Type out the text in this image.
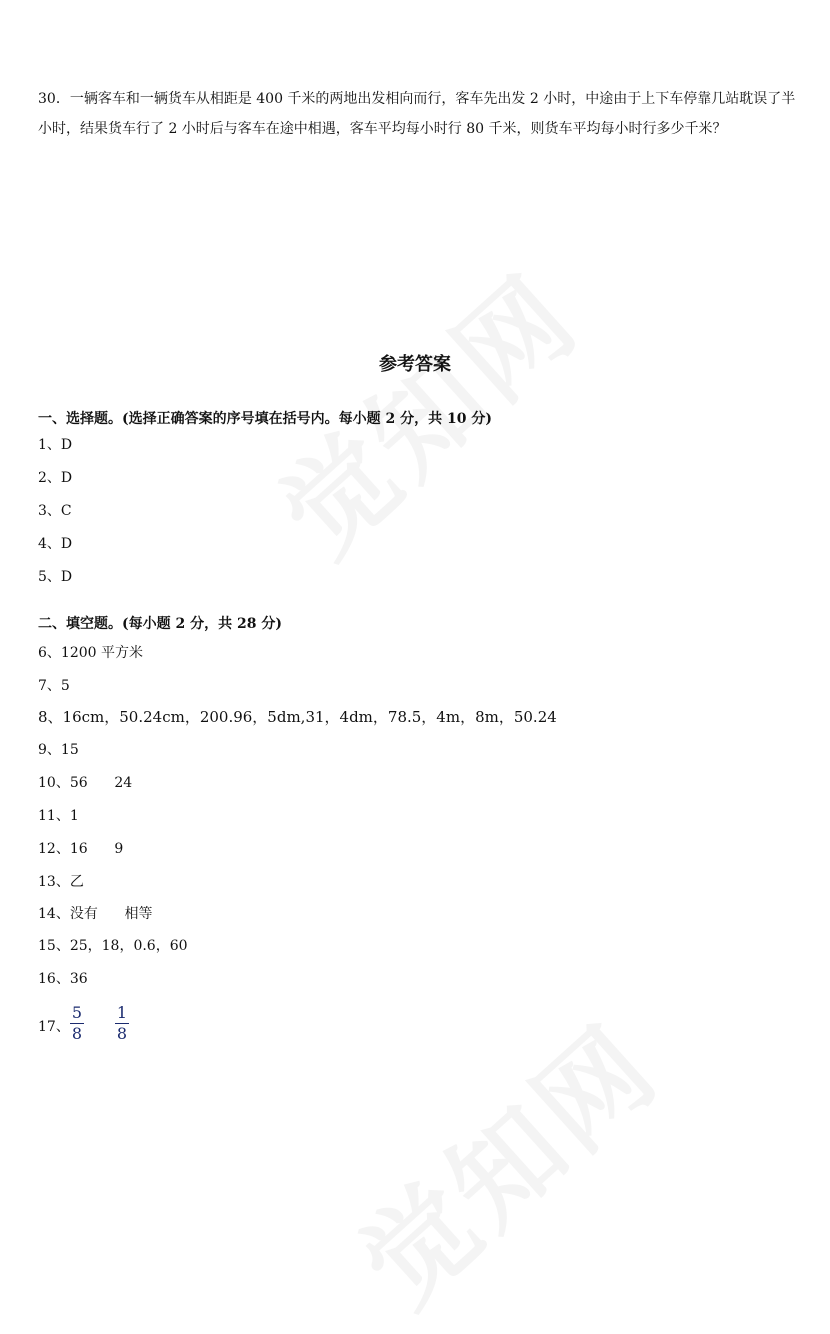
30．一辆客车和一辆货车从相距是 400 千米的两地出发相向而行，客车先出发 2 小时，中途由于上下车停靠几站耽误了半小时，结果货车行了 2 小时后与客车在途中相遇，客车平均每小时行 80 千米，则货车平均每小时行多少千米？
参考答案
一、选择题。(选择正确答案的序号填在括号内。每小题 2 分，共 10 分)
1、D
2、D
3、C
4、D
5、D
二、填空题。(每小题 2 分，共 28 分)
6、1200 平方米
7、5
8、16cm，50.24cm，200.96，5dm,31，4dm，78.5，4m，8m，50.24
9、15
10、56      24
11、1
12、16      9
13、乙
14、没有      相等
15、25，18，0.6，60
16、36
17、
5
8
1
8
